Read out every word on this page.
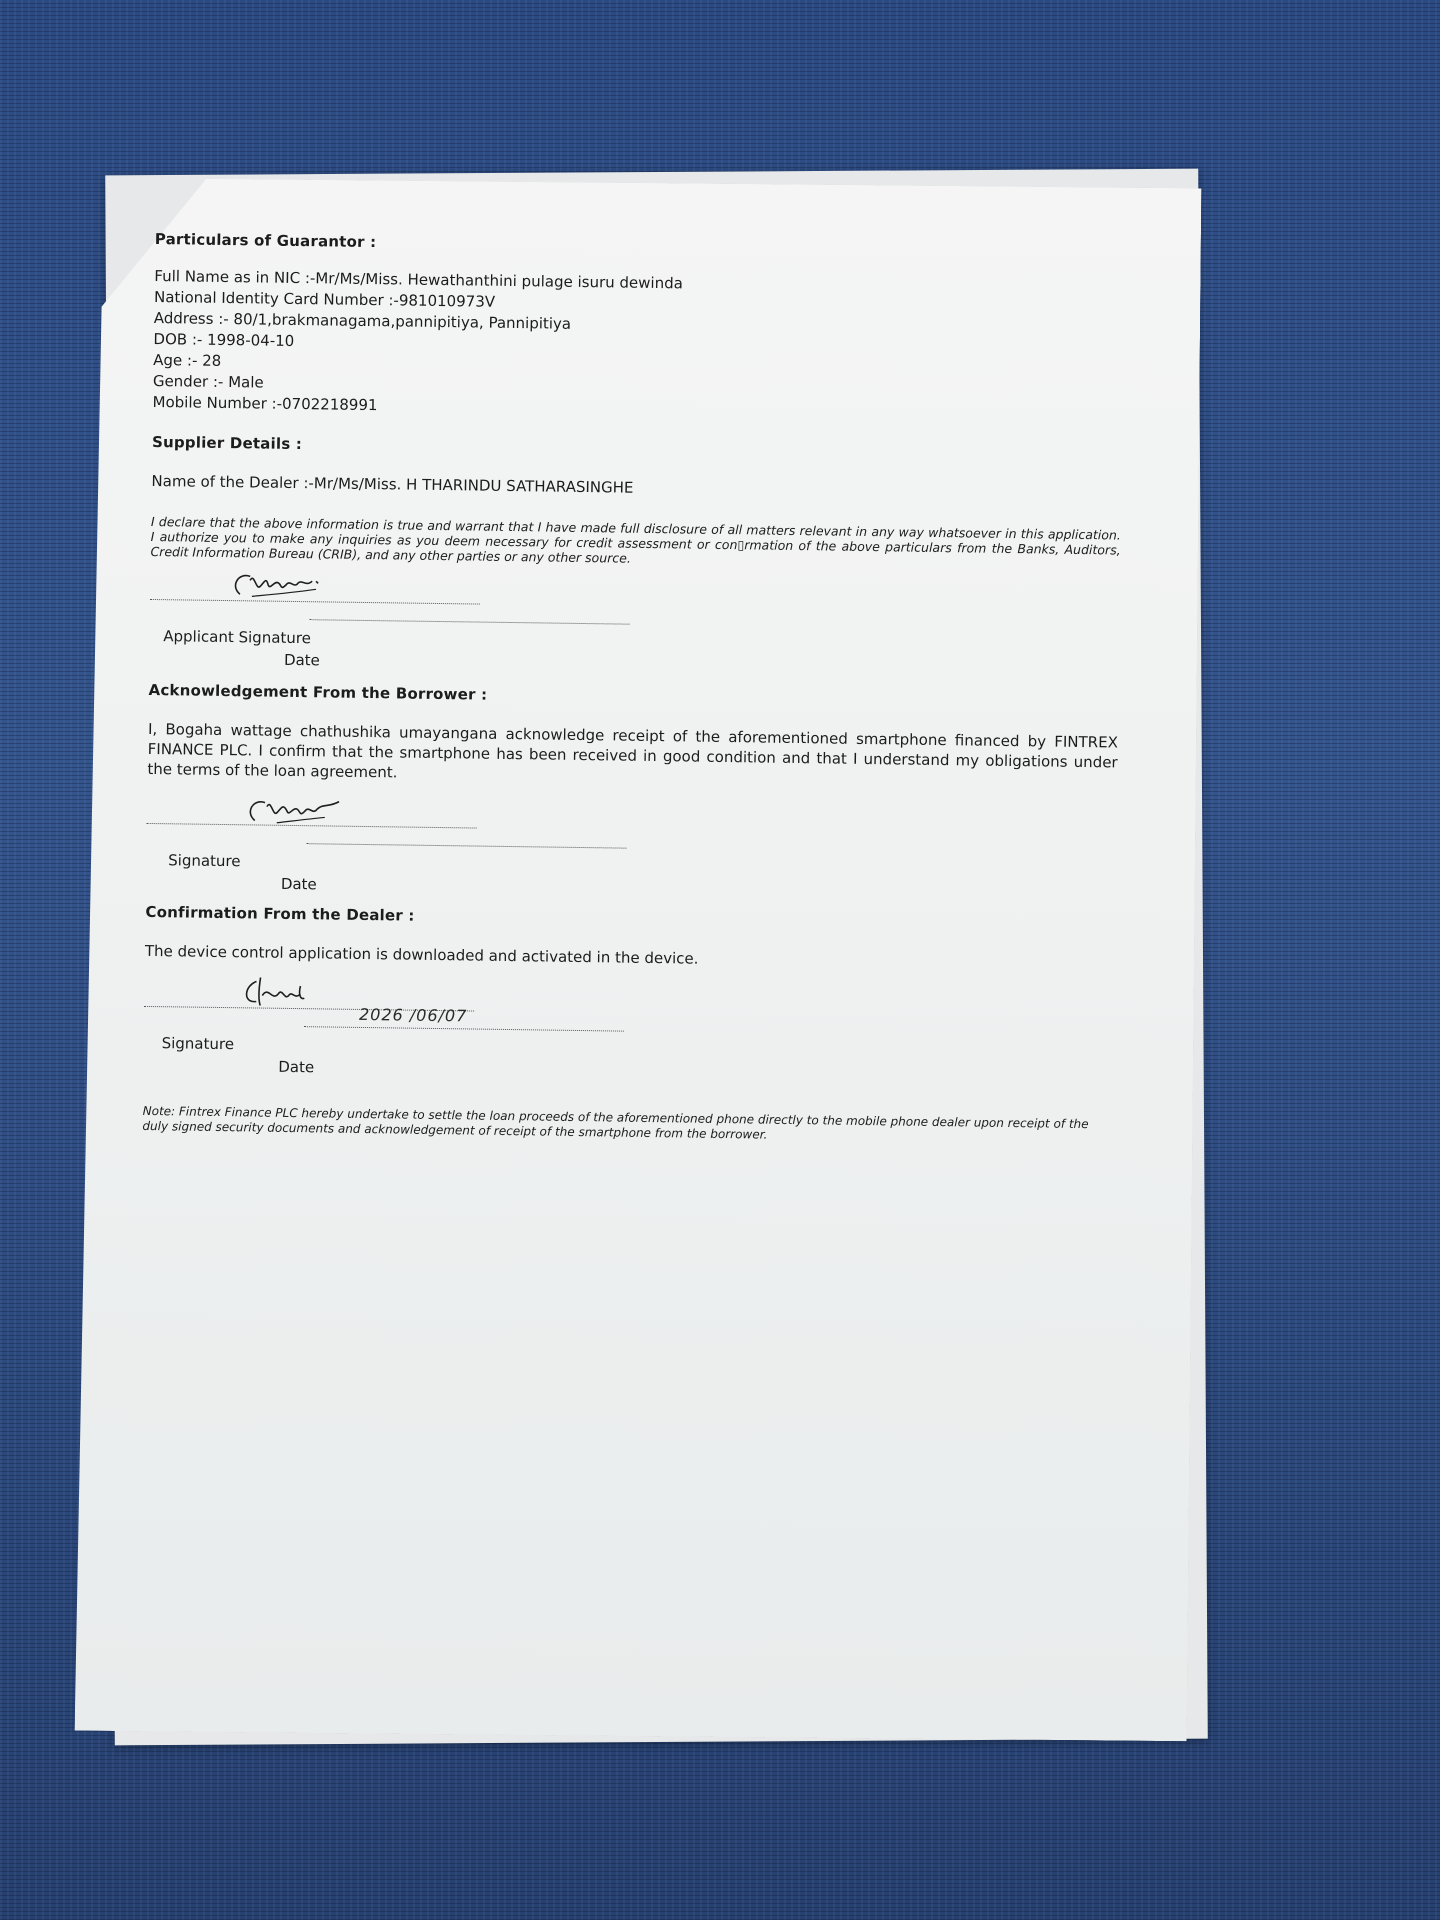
Particulars of Guarantor :

Full Name as in NIC :-Mr/Ms/Miss. Hewathanthini pulage isuru dewinda

National Identity Card Number :-981010973V

Address :- 80/1,brakmanagama,pannipitiya, Pannipitiya

DOB :- 1998-04-10

Age :- 28

Gender :- Male

Mobile Number :-0702218991

Supplier Details :

Name of the Dealer :-Mr/Ms/Miss. H THARINDU SATHARASINGHE

I declare that the above information is true and warrant that I have made full disclosure of all matters relevant in any way whatsoever in this application. I authorize you to make any inquiries as you deem necessary for credit assessment or con▯rmation of the above particulars from the Banks, Auditors, Credit Information Bureau (CRIB), and any other parties or any other source.

Applicant Signature
Date

Acknowledgement From the Borrower :

I, Bogaha wattage chathushika umayangana acknowledge receipt of the aforementioned smartphone financed by FINTREX FINANCE PLC. I confirm that the smartphone has been received in good condition and that I understand my obligations under the terms of the loan agreement.

Signature
Date

Confirmation From the Dealer :

The device control application is downloaded and activated in the device.

2026 /06/07
Signature
Date

Note: Fintrex Finance PLC hereby undertake to settle the loan proceeds of the aforementioned phone directly to the mobile phone dealer upon receipt of the duly signed security documents and acknowledgement of receipt of the smartphone from the borrower.
